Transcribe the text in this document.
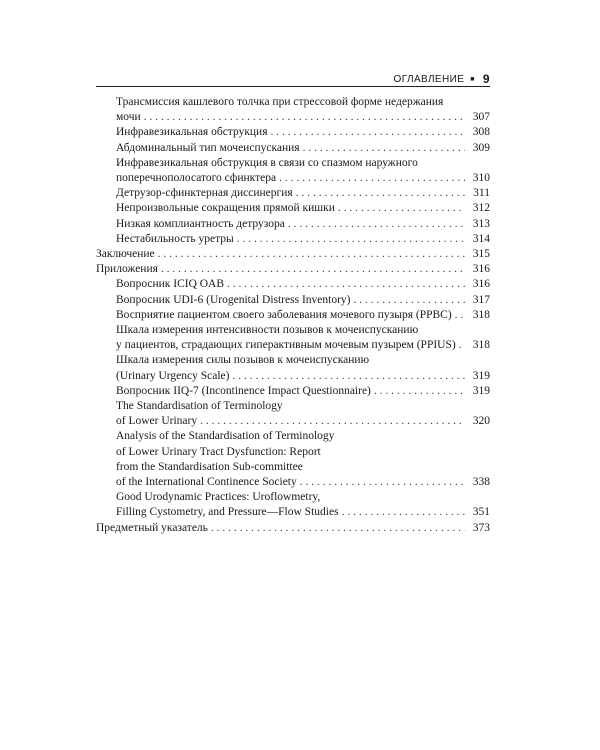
ОГЛАВЛЕНИЕ ■ 9
Трансмиссия кашлевого толчка при стрессовой форме недержания
мочи . . .	307
Инфравезикальная обструкция . . .	308
Абдоминальный тип мочеиспускания . . .	309
Инфравезикальная обструкция в связи со спазмом наружного
поперечнополосатого сфинктера . . .	310
Детрузор-сфинктерная диссинергия . . .	311
Непроизвольные сокращения прямой кишки . . .	312
Низкая комплиантность детрузора . . .	313
Нестабильность уретры . . .	314
Заключение . . .	315
Приложения . . .	316
Вопросник ICIQ OAB . . .	316
Вопросник UDI-6 (Urogenital Distress Inventory) . . .	317
Восприятие пациентом своего заболевания мочевого пузыря (PPBC) . . .	318
Шкала измерения интенсивности позывов к мочеиспусканию
у пациентов, страдающих гиперактивным мочевым пузырем (PPIUS) . . .	318
Шкала измерения силы позывов к мочеиспусканию
(Urinary Urgency Scale) . . .	319
Вопросник IIQ-7 (Incontinence Impact Questionnaire) . . .	319
The Standardisation of Terminology
of Lower Urinary . . .	320
Analysis of the Standardisation of Terminology
of Lower Urinary Tract Dysfunction: Report
from the Standardisation Sub-committee
of the International Continence Society . . .	338
Good Urodynamic Practices: Uroflowmetry,
Filling Cystometry, and Pressure—Flow Studies . . .	351
Предметный указатель . . .	373
